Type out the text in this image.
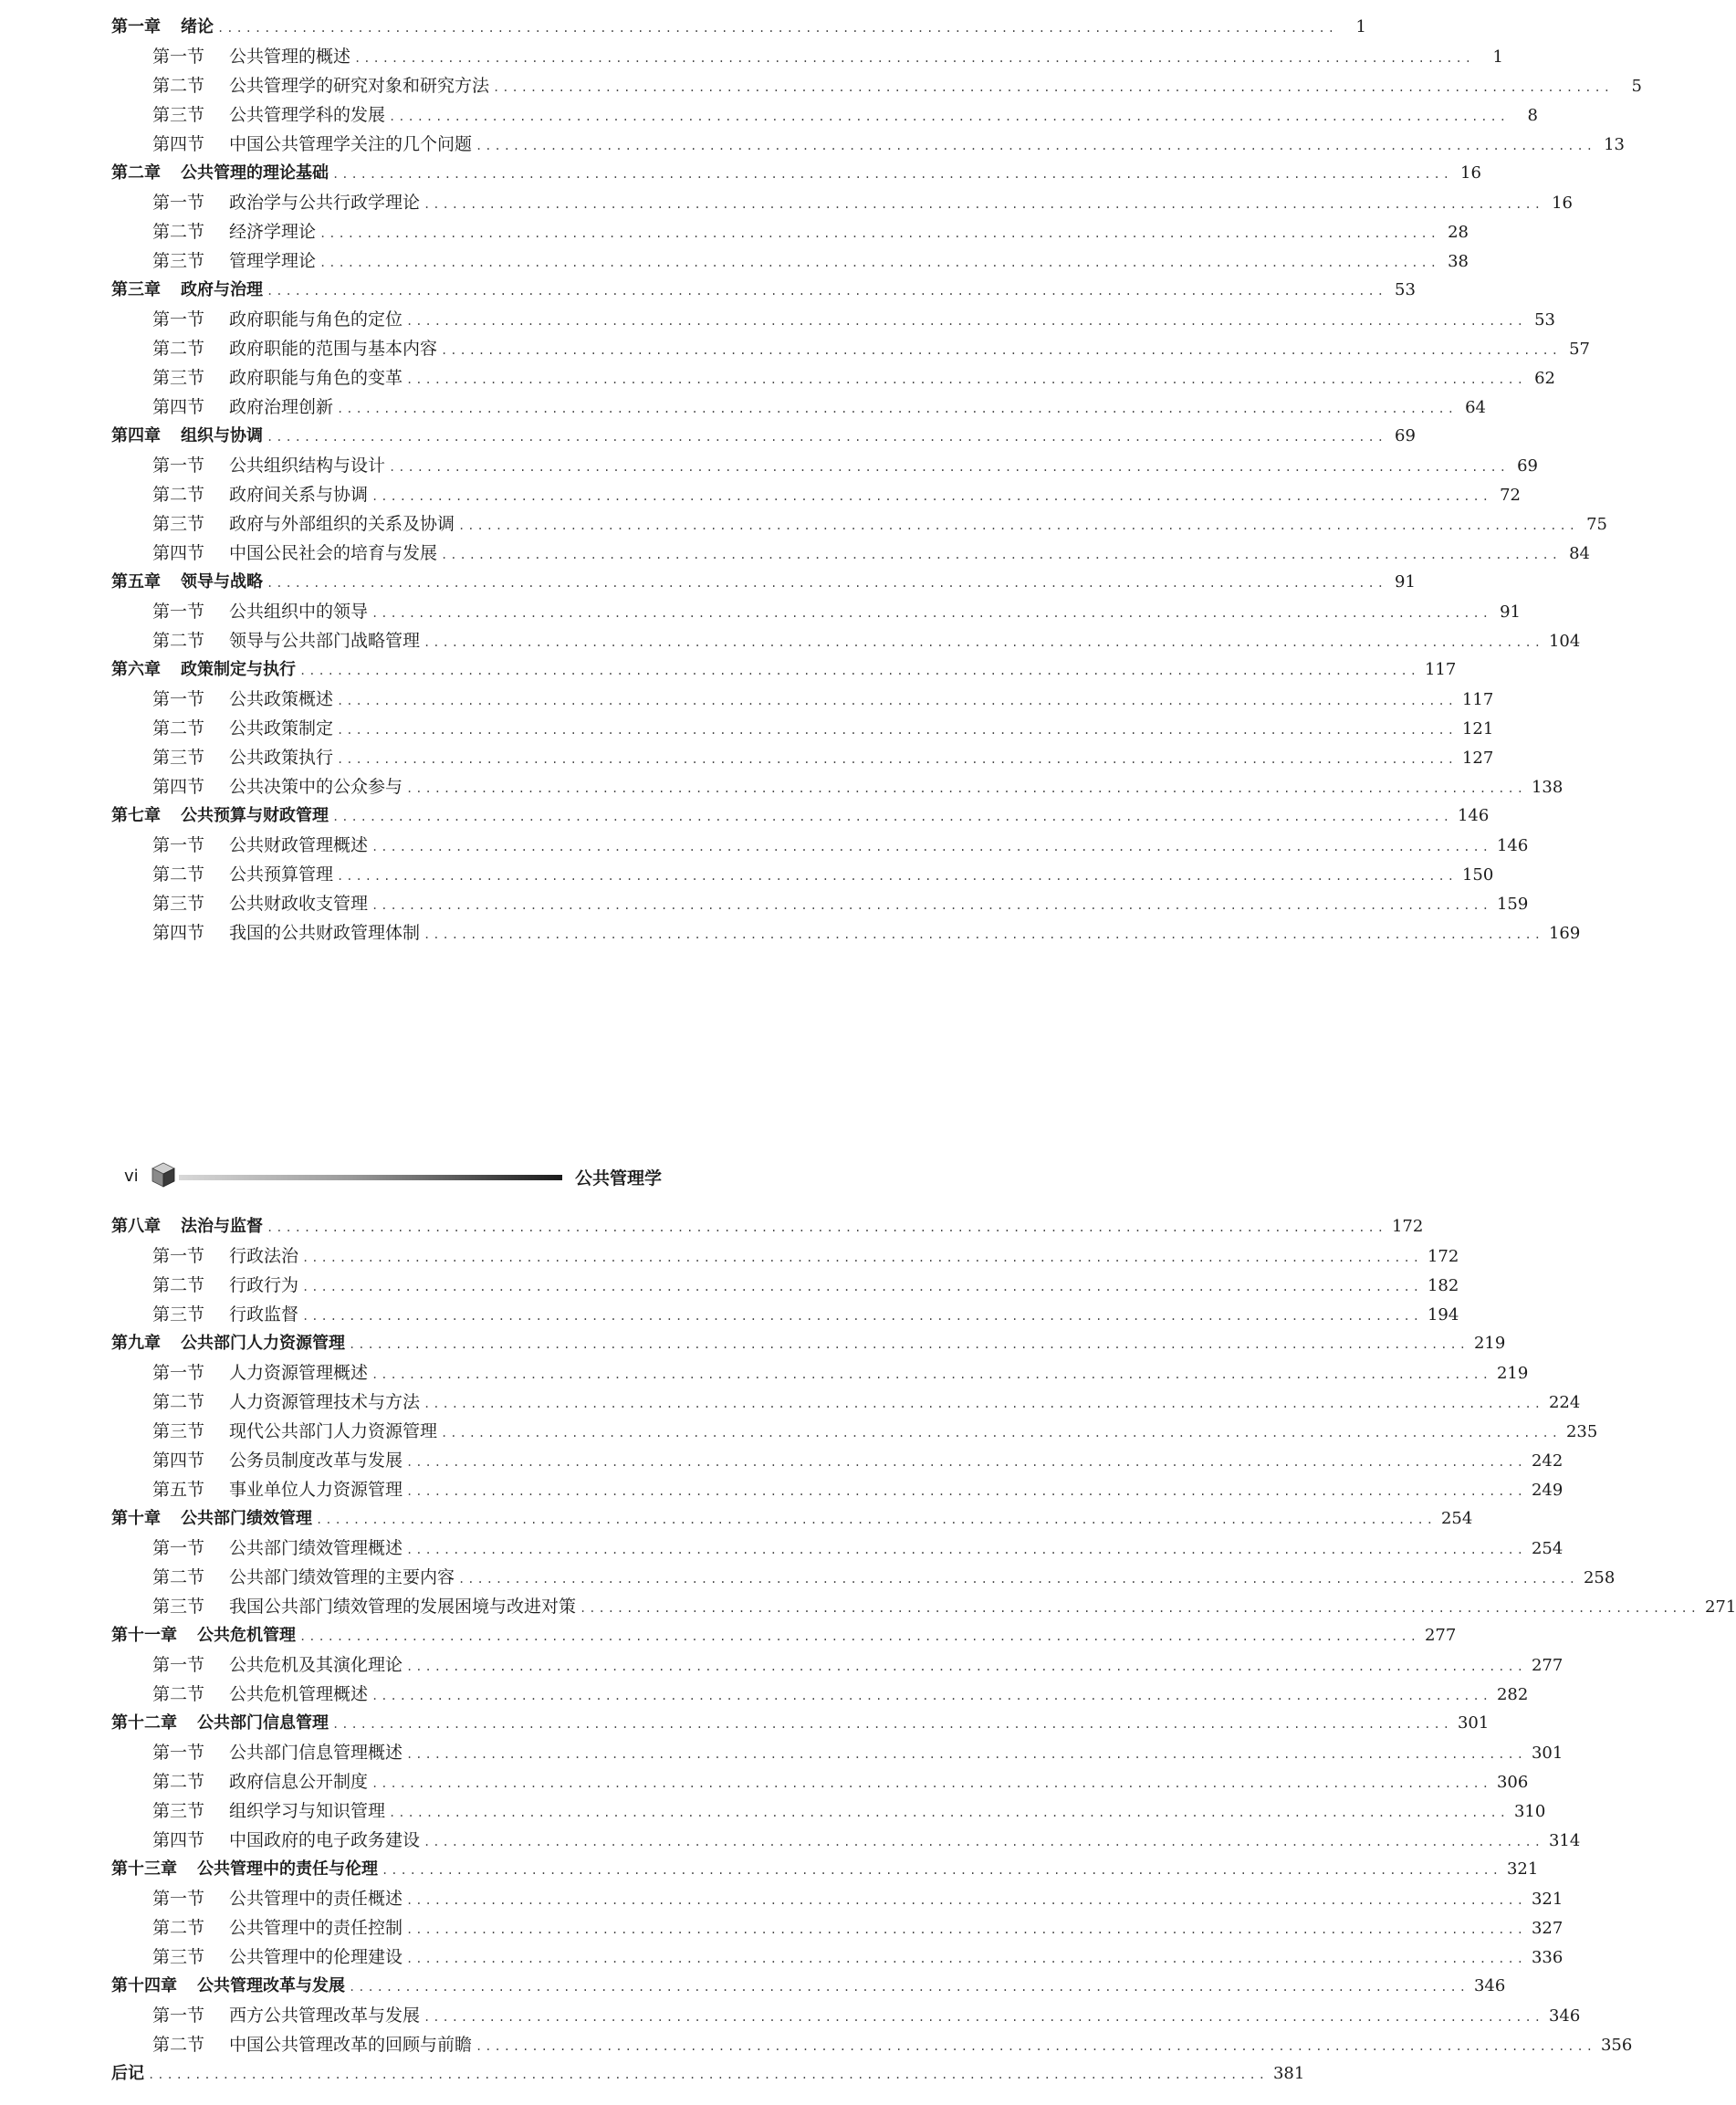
第一章 绪论 ........................................................................................................................	1
第一节	公共管理的概述 ........................................................................................................................	1
第二节	公共管理学的研究对象和研究方法 ........................................................................................................................	5
第三节	公共管理学科的发展 ........................................................................................................................	8
第四节	中国公共管理学关注的几个问题 ........................................................................................................................ 13
第二章 公共管理的理论基础 ........................................................................................................................ 16
第一节	政治学与公共行政学理论 ........................................................................................................................ 16
第二节	经济学理论 ........................................................................................................................ 28
第三节	管理学理论 ........................................................................................................................ 38
第三章 政府与治理 ........................................................................................................................ 53
第一节	政府职能与角色的定位 ........................................................................................................................ 53
第二节	政府职能的范围与基本内容 ........................................................................................................................ 57
第三节	政府职能与角色的变革 ........................................................................................................................ 62
第四节	政府治理创新 ........................................................................................................................ 64
第四章 组织与协调 ........................................................................................................................ 69
第一节	公共组织结构与设计 ........................................................................................................................ 69
第二节	政府间关系与协调 ........................................................................................................................ 72
第三节	政府与外部组织的关系及协调 ........................................................................................................................ 75
第四节	中国公民社会的培育与发展 ........................................................................................................................ 84
第五章 领导与战略 ........................................................................................................................ 91
第一节	公共组织中的领导 ........................................................................................................................ 91
第二节	领导与公共部门战略管理 ........................................................................................................................ 104
第六章 政策制定与执行 ........................................................................................................................ 117
第一节	公共政策概述 ........................................................................................................................ 117
第二节	公共政策制定 ........................................................................................................................ 121
第三节	公共政策执行 ........................................................................................................................ 127
第四节	公共决策中的公众参与 ........................................................................................................................ 138
第七章 公共预算与财政管理 ........................................................................................................................ 146
第一节	公共财政管理概述 ........................................................................................................................ 146
第二节	公共预算管理 ........................................................................................................................ 150
第三节	公共财政收支管理 ........................................................................................................................ 159
第四节	我国的公共财政管理体制 ........................................................................................................................ 169
vi	公共管理学
第八章 法治与监督 ........................................................................................................................ 172
第一节	行政法治 ........................................................................................................................ 172
第二节	行政行为 ........................................................................................................................ 182
第三节	行政监督 ........................................................................................................................ 194
第九章 公共部门人力资源管理 ........................................................................................................................ 219
第一节	人力资源管理概述 ........................................................................................................................ 219
第二节	人力资源管理技术与方法 ........................................................................................................................ 224
第三节	现代公共部门人力资源管理 ........................................................................................................................ 235
第四节	公务员制度改革与发展 ........................................................................................................................ 242
第五节	事业单位人力资源管理 ........................................................................................................................ 249
第十章 公共部门绩效管理 ........................................................................................................................ 254
第一节	公共部门绩效管理概述 ........................................................................................................................ 254
第二节	公共部门绩效管理的主要内容 ........................................................................................................................ 258
第三节	我国公共部门绩效管理的发展困境与改进对策 ........................................................................................................................ 271
第十一章 公共危机管理 ........................................................................................................................ 277
第一节	公共危机及其演化理论 ........................................................................................................................ 277
第二节	公共危机管理概述 ........................................................................................................................ 282
第十二章 公共部门信息管理 ........................................................................................................................ 301
第一节	公共部门信息管理概述 ........................................................................................................................ 301
第二节	政府信息公开制度 ........................................................................................................................ 306
第三节	组织学习与知识管理 ........................................................................................................................ 310
第四节	中国政府的电子政务建设 ........................................................................................................................ 314
第十三章 公共管理中的责任与伦理 ........................................................................................................................ 321
第一节	公共管理中的责任概述 ........................................................................................................................ 321
第二节	公共管理中的责任控制 ........................................................................................................................ 327
第三节	公共管理中的伦理建设 ........................................................................................................................ 336
第十四章 公共管理改革与发展 ........................................................................................................................ 346
第一节	西方公共管理改革与发展 ........................................................................................................................ 346
第二节	中国公共管理改革的回顾与前瞻 ........................................................................................................................ 356
后记 ........................................................................................................................ 381
